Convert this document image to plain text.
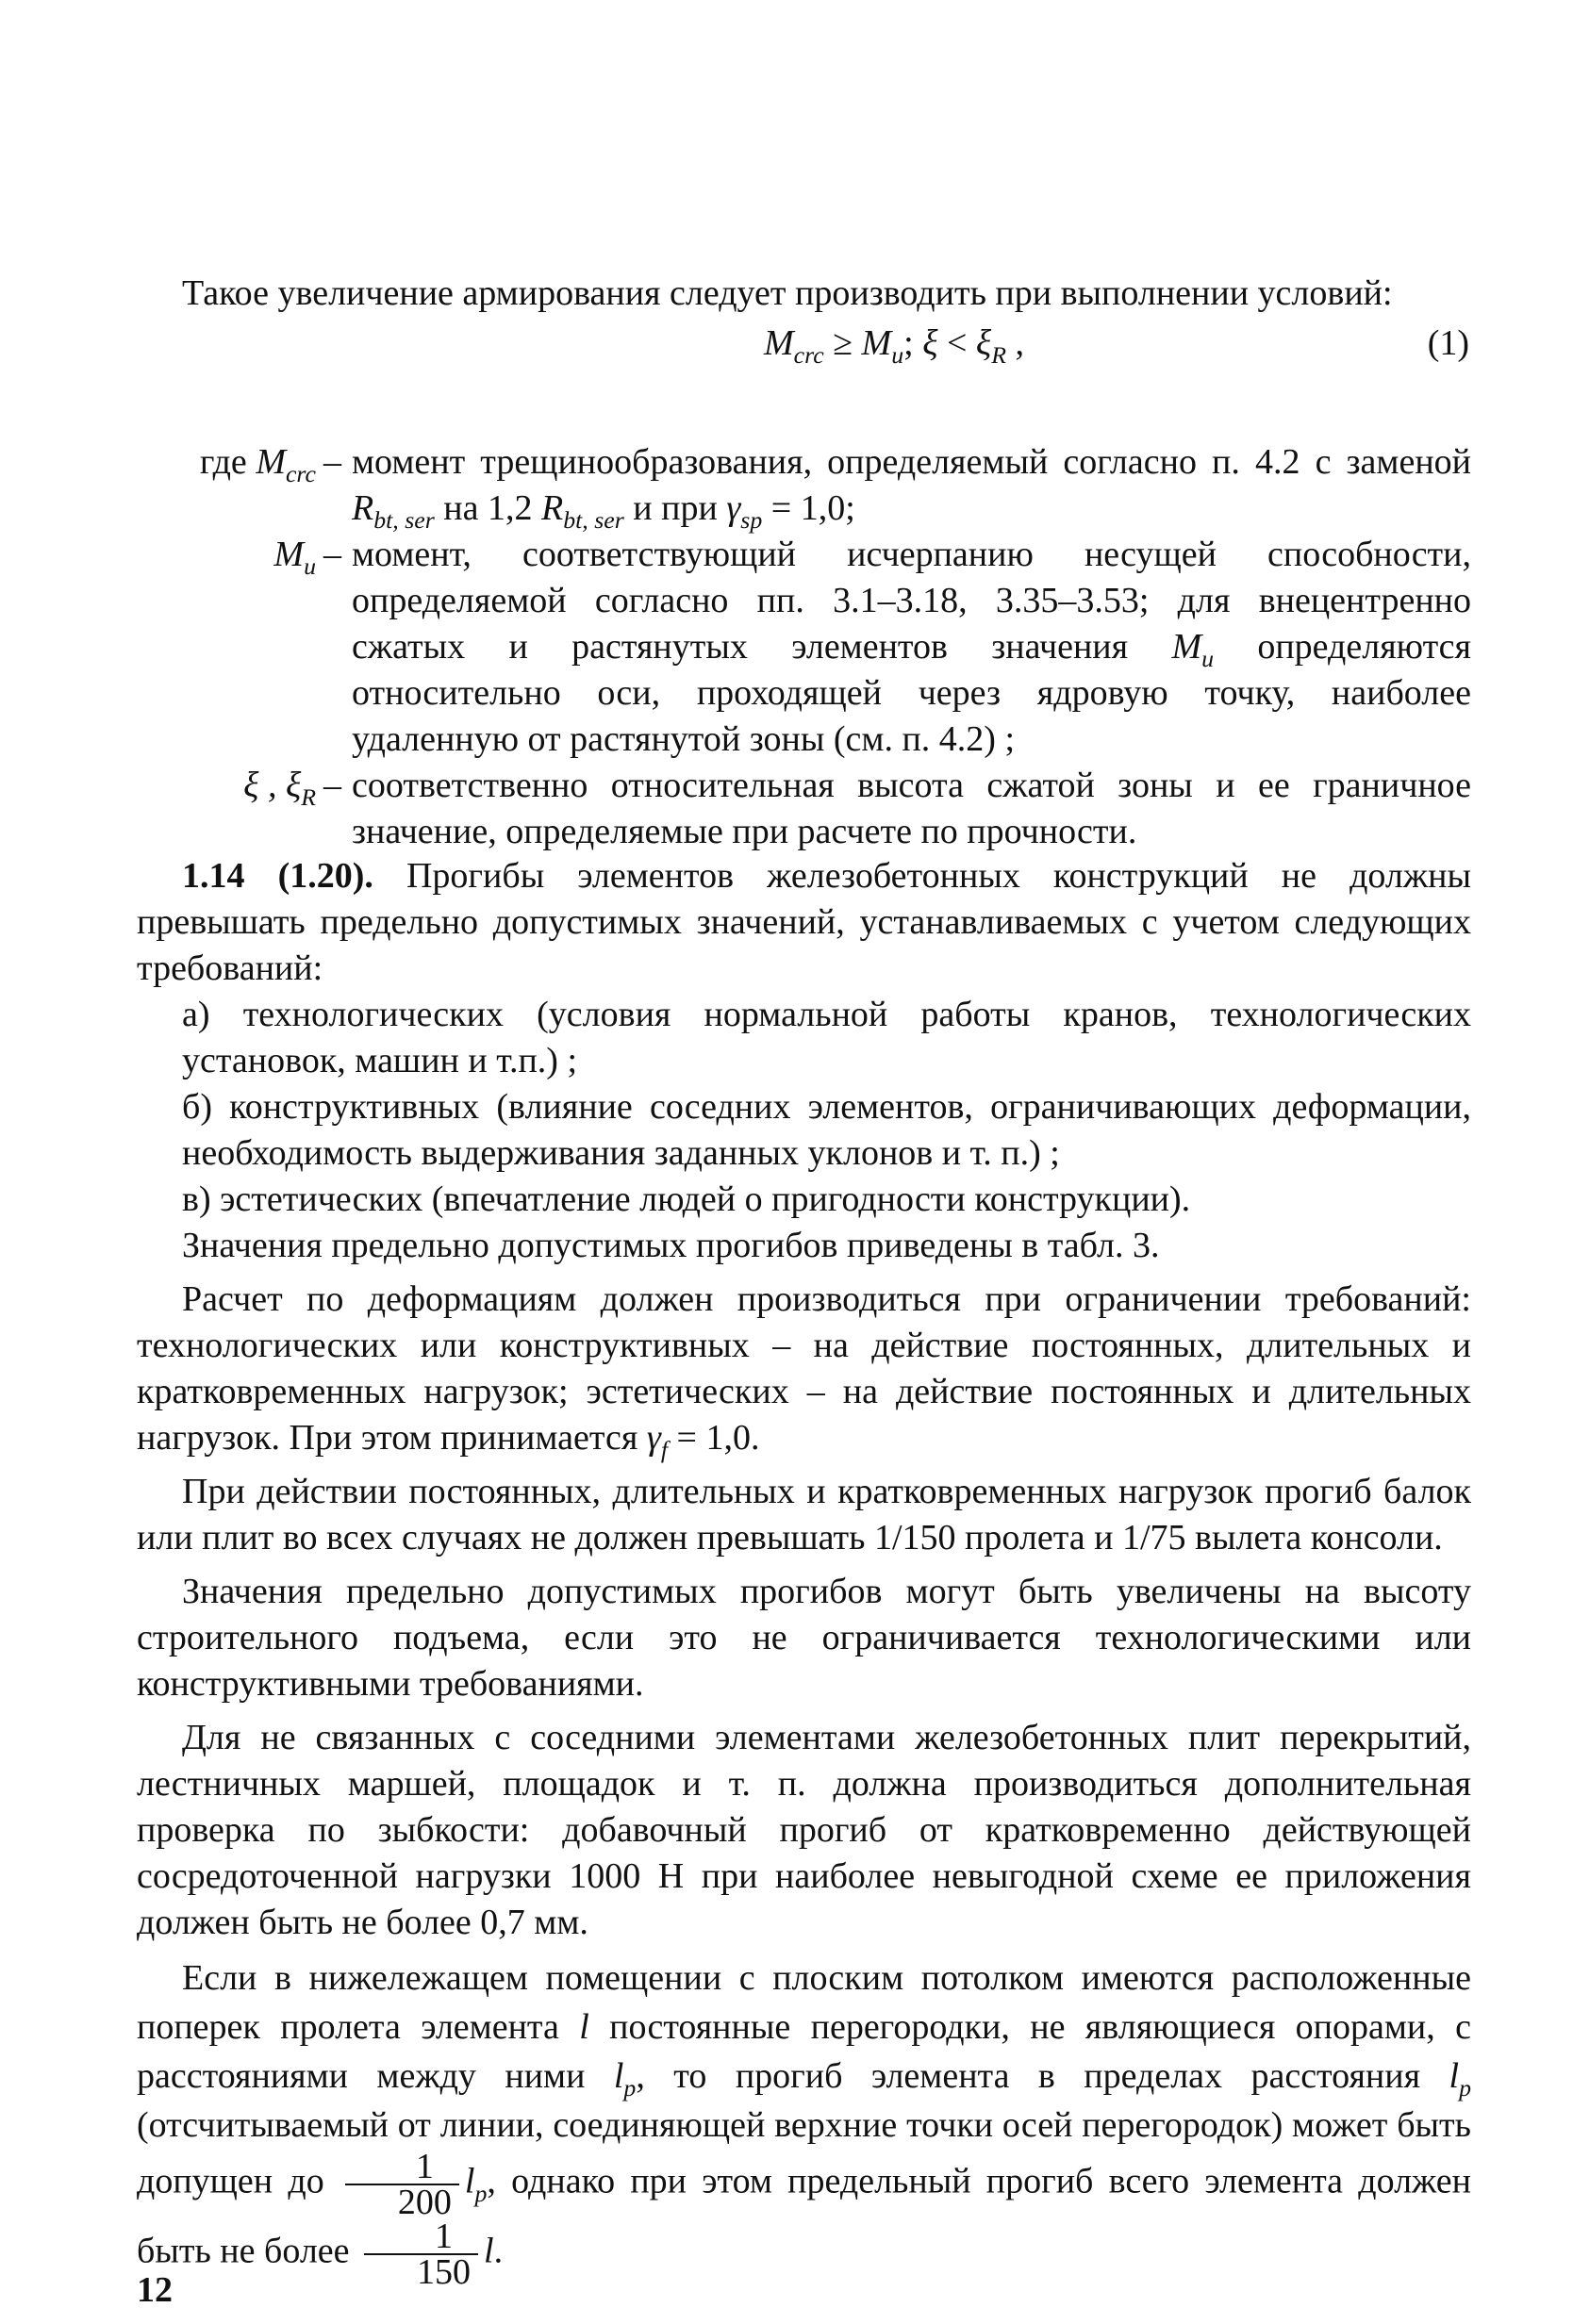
Такое увеличение армирования следует производить при выполнении условий:

$M_{crc} \ge M_u$; $\xi < \xi_R$ ,	(1)
где $M_{crc}$ – момент трещинообразования, определяемый согласно п. 4.2 с заменой $R_{bt, ser}$ на 1,2 $R_{bt, ser}$ и при $\gamma_{sp} = 1,0$;
$M_u$ – момент, соответствующий исчерпанию несущей способности, определяемой согласно пп. 3.1–3.18, 3.35–3.53; для внецентренно сжатых и растянутых элементов значения $M_u$ определяются относительно оси, проходящей через ядровую точку, наиболее удаленную от растянутой зоны (см. п. 4.2) ;
ξ , $\xi_R$ – соответственно относительная высота сжатой зоны и ее граничное значение, определяемые при расчете по прочности.

1.14 (1.20). Прогибы элементов железобетонных конструкций не должны превышать предельно допустимых значений, устанавливаемых с учетом следующих требований:

а) технологических (условия нормальной работы кранов, технологических установок, машин и т.п.) ;
б) конструктивных (влияние соседних элементов, ограничивающих деформации, необходимость выдерживания заданных уклонов и т. п.) ;
в) эстетических (впечатление людей о пригодности конструкции).

Значения предельно допустимых прогибов приведены в табл. 3.

Расчет по деформациям должен производиться при ограничении требований: технологических или конструктивных – на действие постоянных, длительных и кратковременных нагрузок; эстетических – на действие постоянных и длительных нагрузок. При этом принимается $\gamma_f = 1,0$.

При действии постоянных, длительных и кратковременных нагрузок прогиб балок или плит во всех случаях не должен превышать 1/150 пролета и 1/75 вылета консоли.

Значения предельно допустимых прогибов могут быть увеличены на высоту строительного подъема, если это не ограничивается технологическими или конструктивными требованиями.

Для не связанных с соседними элементами железобетонных плит перекрытий, лестничных маршей, площадок и т. п. должна производиться дополнительная проверка по зыбкости: добавочный прогиб от кратковременно действующей сосредоточенной нагрузки 1000 Н при наиболее невыгодной схеме ее приложения должен быть не более 0,7 мм.

Если в нижележащем помещении с плоским потолком имеются расположенные поперек пролета элемента l постоянные перегородки, не являющиеся опорами, с расстояниями между ними $l_p$, то прогиб элемента в пределах расстояния $l_p$ (отсчитываемый от линии, соединяющей верхние точки осей перегородок) может быть допущен до $\frac{1}{200} l_p$, однако при этом предельный прогиб всего элемента должен быть не более $\frac{1}{150} l$.

12
